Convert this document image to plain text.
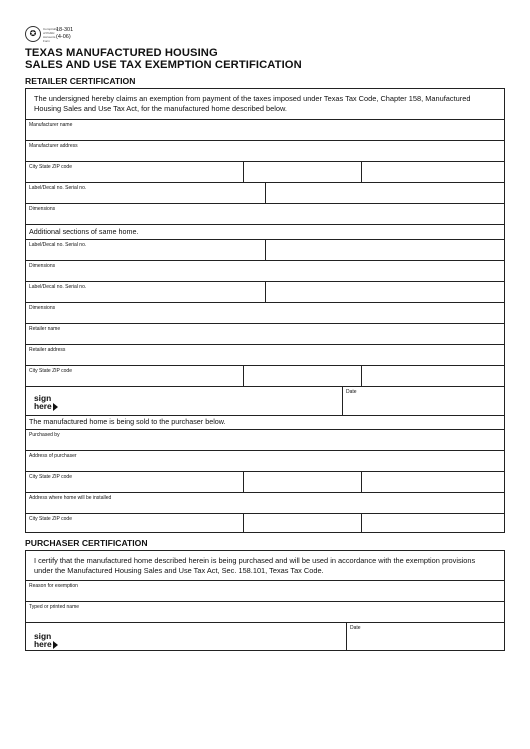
✪	Comptroller
of Public
Accounts
Form
18-301
(4-06)
TEXAS MANUFACTURED HOUSING
SALES AND USE TAX EXEMPTION CERTIFICATION
RETAILER CERTIFICATION
The undersigned hereby claims an exemption from payment of the taxes imposed under Texas Tax Code, Chapter 158, Manufactured Housing Sales and Use Tax Act, for the manufactured home described below.
Manufacturer name
Manufacturer address
City State ZIP code
Label/Decal no. Serial no.
Dimensions
Additional sections of same home.
Label/Decal no. Serial no.
Dimensions
Label/Decal no. Serial no.
Dimensions
Retailer name
Retailer address
City State ZIP code
sign
here
Date
The manufactured home is being sold to the purchaser below.
Purchased by
Address of purchaser
City State ZIP code
Address where home will be installed
City State ZIP code
PURCHASER CERTIFICATION
I certify that the manufactured home described herein is being purchased and will be used in accordance with the exemption provisions under the Manufactured Housing Sales and Use Tax Act, Sec. 158.101, Texas Tax Code.
Reason for exemption
Typed or printed name
sign
here
Date
